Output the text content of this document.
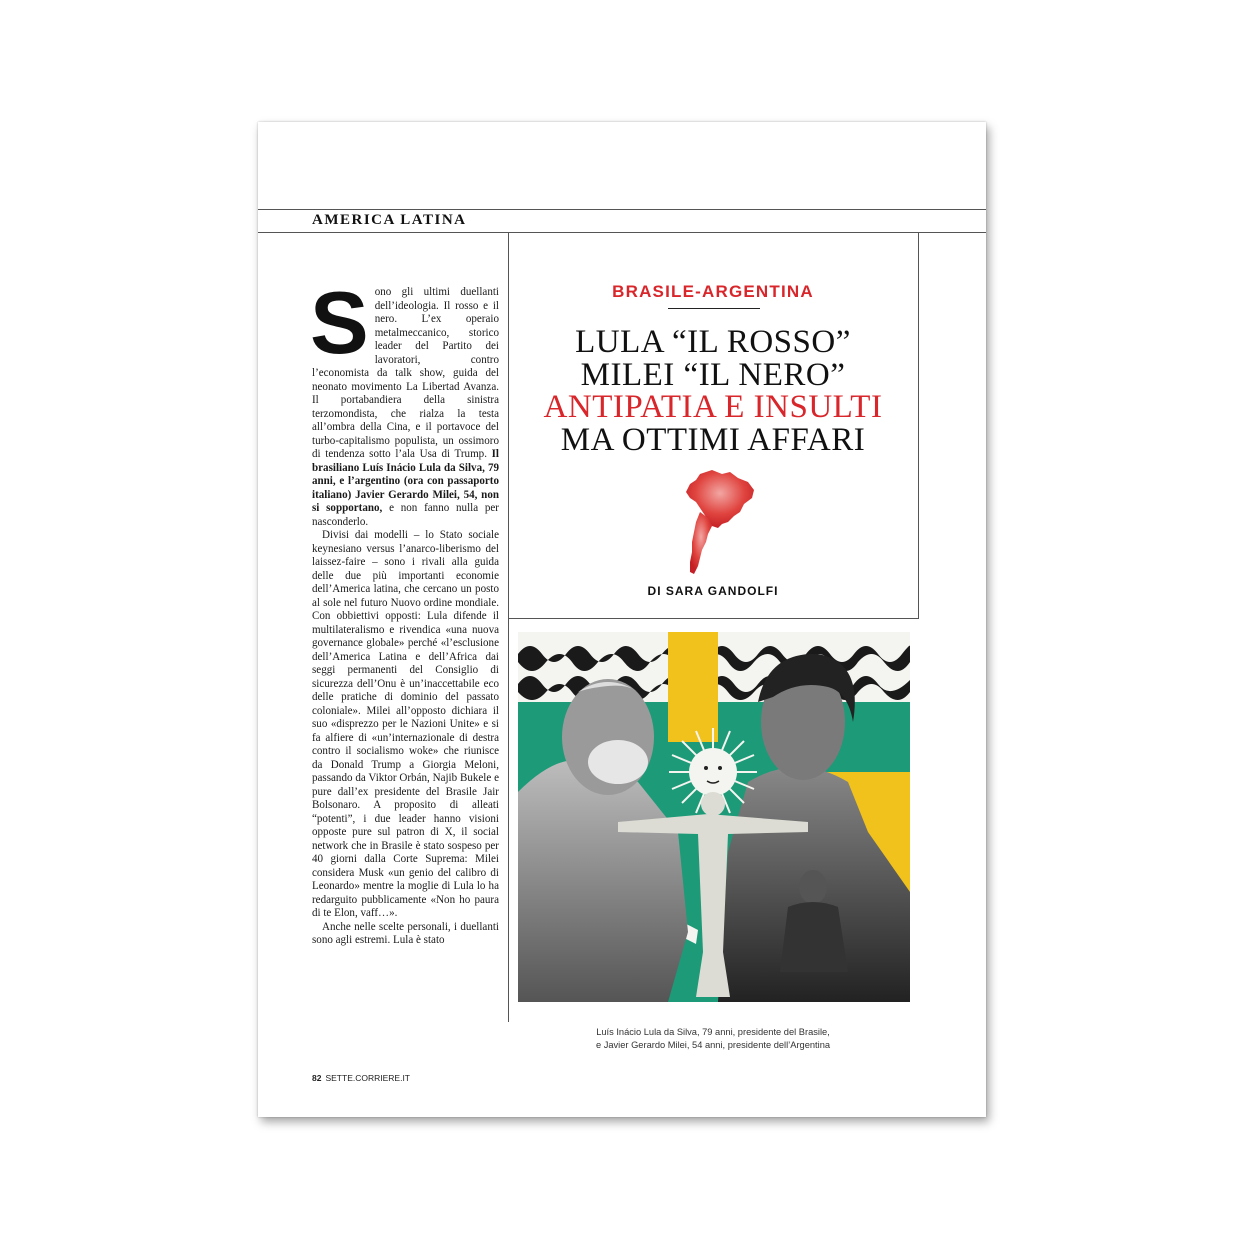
AMERICA LATINA

Sono gli ultimi duellanti dell’ideologia. Il rosso e il nero. L’ex operaio metalmeccanico, storico leader del Partito dei lavoratori, contro l’economista da talk show, guida del neonato movimento La Libertad Avanza. Il portabandiera della sinistra terzomondista, che rialza la testa all’ombra della Cina, e il portavoce del turbo-capitalismo populista, un ossimoro di tendenza sotto l’ala Usa di Trump. Il brasiliano Luís Inácio Lula da Silva, 79 anni, e l’argentino (ora con passaporto italiano) Javier Gerardo Milei, 54, non si sopportano, e non fanno nulla per nasconderlo.

Divisi dai modelli – lo Stato sociale keynesiano versus l’anarco-liberismo del laissez-faire – sono i rivali alla guida delle due più importanti economie dell’America latina, che cercano un posto al sole nel futuro Nuovo ordine mondiale. Con obbiettivi opposti: Lula difende il multilateralismo e rivendica «una nuova governance globale» perché «l’esclusione dell’America Latina e dell’Africa dai seggi permanenti del Consiglio di sicurezza dell’Onu è un’inaccettabile eco delle pratiche di dominio del passato coloniale». Milei all’opposto dichiara il suo «disprezzo per le Nazioni Unite» e si fa alfiere di «un’internazionale di destra contro il socialismo woke» che riunisce da Donald Trump a Giorgia Meloni, passando da Viktor Orbán, Najib Bukele e pure dall’ex presidente del Brasile Jair Bolsonaro. A proposito di alleati “potenti”, i due leader hanno visioni opposte pure sul patron di X, il social network che in Brasile è stato sospeso per 40 giorni dalla Corte Suprema: Milei considera Musk «un genio del calibro di Leonardo» mentre la moglie di Lula lo ha redarguito pubblicamente «Non ho paura di te Elon, vaff…».

Anche nelle scelte personali, i duellanti sono agli estremi. Lula è stato

BRASILE-ARGENTINA

LULA “IL ROSSO”
MILEI “IL NERO”
ANTIPATIA E INSULTI
MA OTTIMI AFFARI

DI SARA GANDOLFI

Luís Inácio Lula da Silva, 79 anni, presidente del Brasile,
e Javier Gerardo Milei, 54 anni, presidente dell’Argentina

82 SETTE.CORRIERE.IT
